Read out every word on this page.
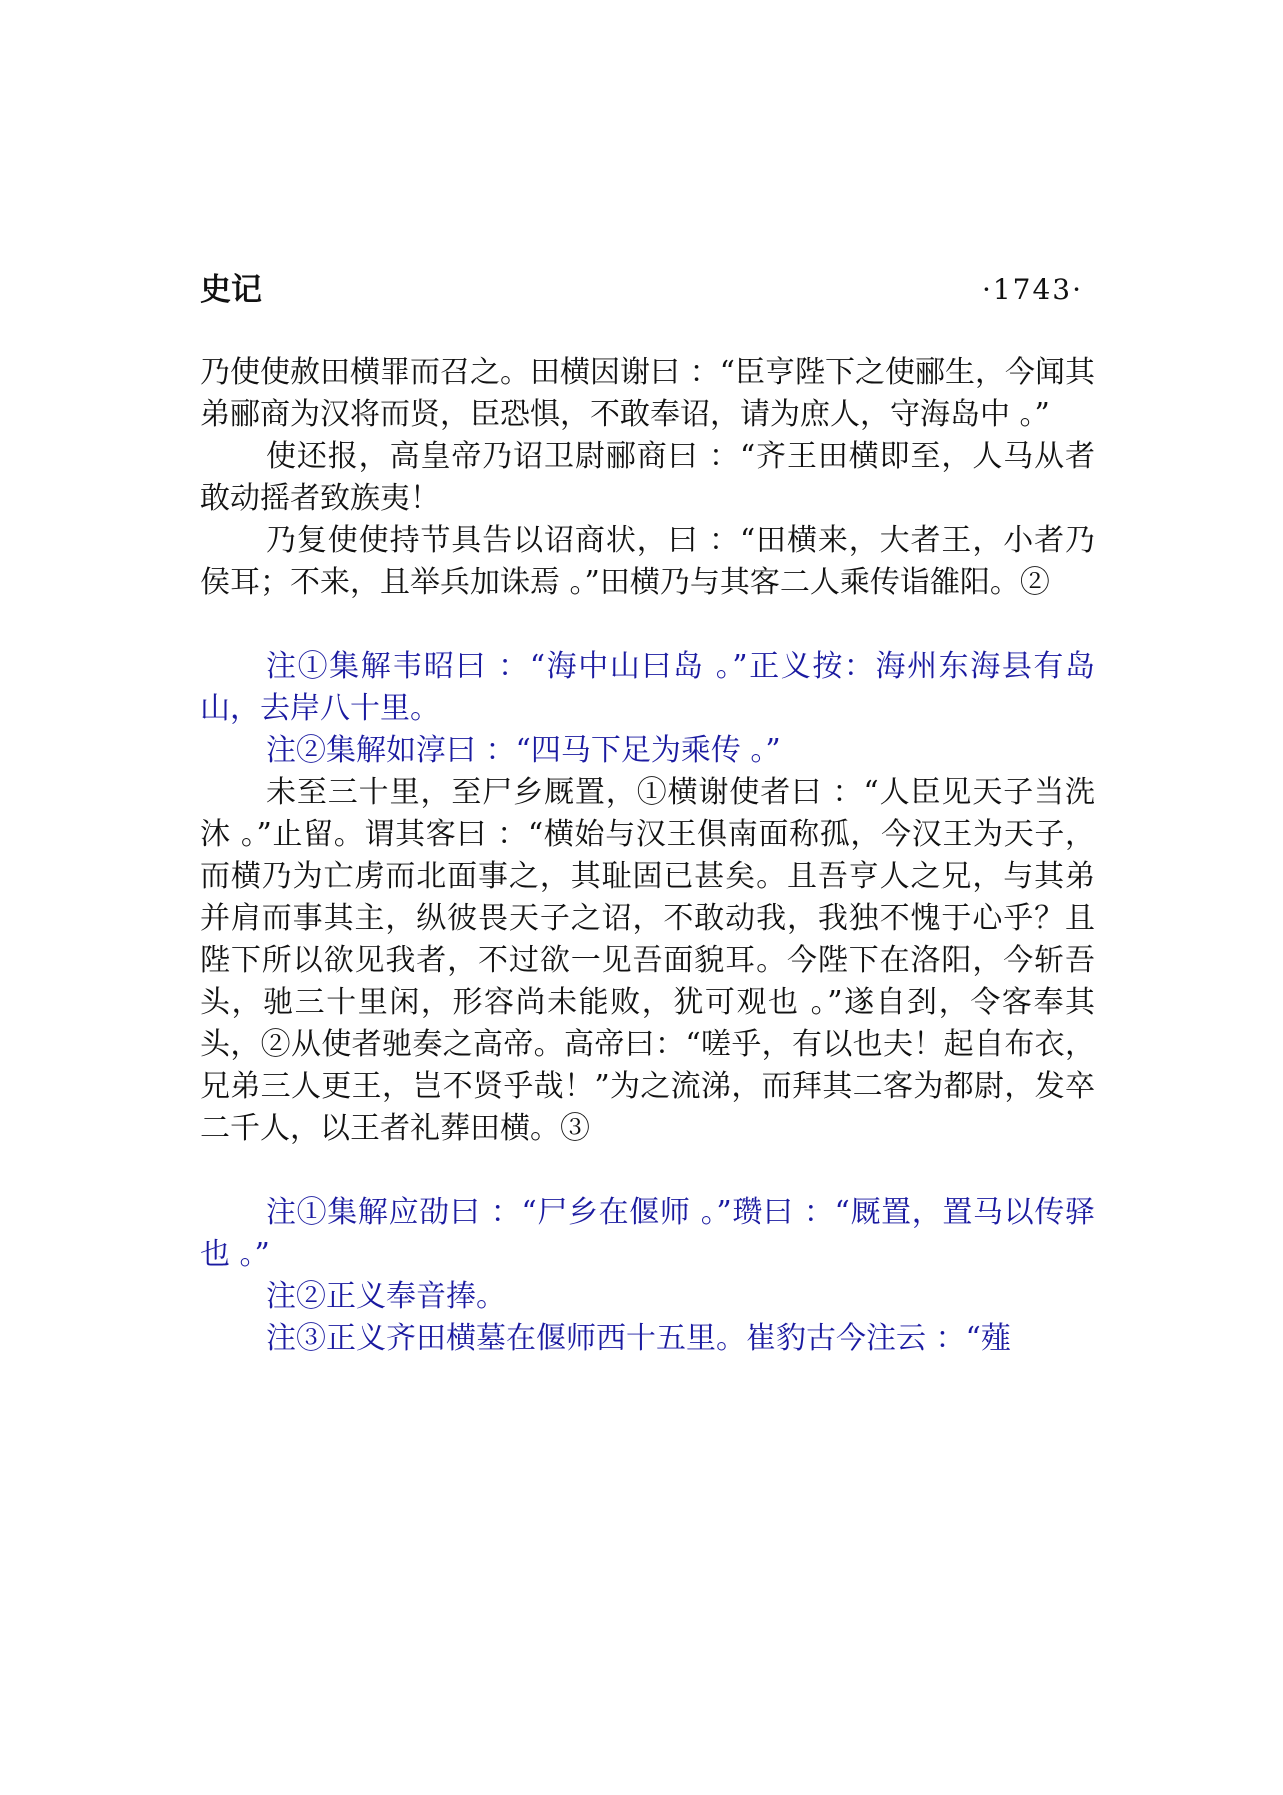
史记	·1743·

乃使使赦田横罪而召之。田横因谢曰 ：“臣亨陛下之使郦生，今闻其弟郦商为汉将而贤，臣恐惧，不敢奉诏，请为庶人，守海岛中 。”

使还报，高皇帝乃诏卫尉郦商曰 ：“齐王田横即至，人马从者敢动摇者致族夷！

乃复使使持节具告以诏商状，曰 ：“田横来，大者王，小者乃侯耳；不来，且举兵加诛焉 。”田横乃与其客二人乘传诣雒阳。②

注①集解韦昭曰 ：“海中山曰岛 。”正义按：海州东海县有岛山，去岸八十里。

注②集解如淳曰 ：“四马下足为乘传 。”

未至三十里，至尸乡厩置，①横谢使者曰 ：“人臣见天子当洗沐 。”止留。谓其客曰 ：“横始与汉王俱南面称孤，今汉王为天子，而横乃为亡虏而北面事之，其耻固已甚矣。且吾亨人之兄，与其弟并肩而事其主，纵彼畏天子之诏，不敢动我，我独不愧于心乎？且陛下所以欲见我者，不过欲一见吾面貌耳。今陛下在洛阳，今斩吾头，驰三十里闲，形容尚未能败，犹可观也 。”遂自刭，令客奉其头，②从使者驰奏之高帝。高帝曰：“嗟乎，有以也夫！起自布衣，兄弟三人更王，岂不贤乎哉！”为之流涕，而拜其二客为都尉，发卒二千人，以王者礼葬田横。③

注①集解应劭曰 ：“尸乡在偃师 。”瓒曰 ：“厩置，置马以传驿也 。”

注②正义奉音捧。

注③正义齐田横墓在偃师西十五里。崔豹古今注云 ：“薤
